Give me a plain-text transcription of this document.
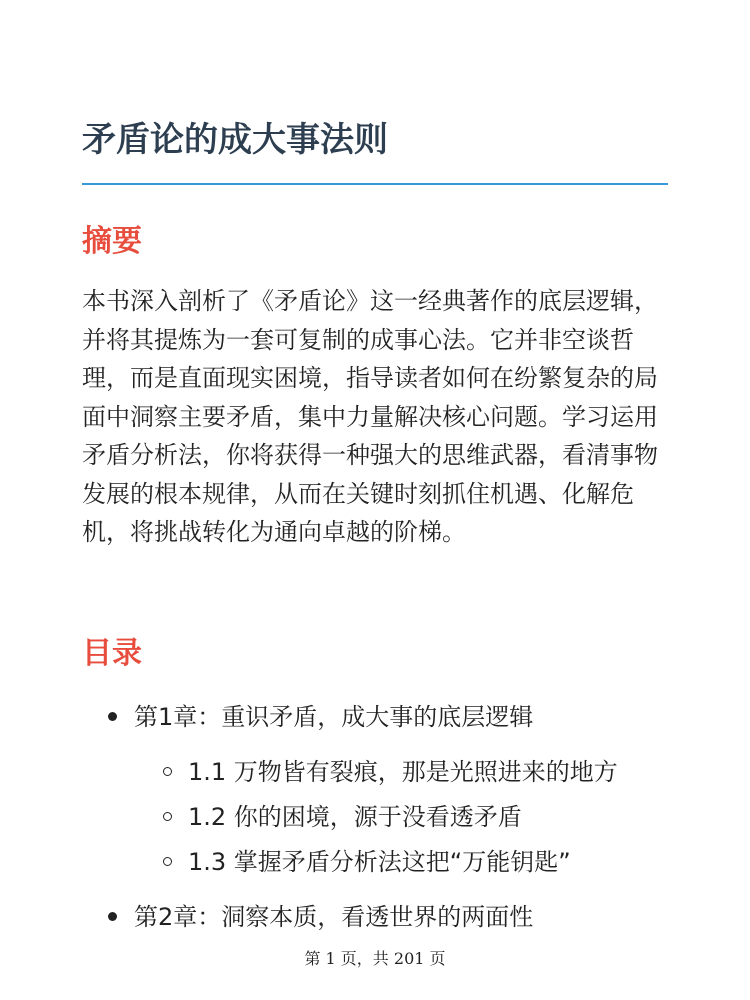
矛盾论的成大事法则
摘要

本书深入剖析了《矛盾论》这一经典著作的底层逻辑，并将其提炼为一套可复制的成事心法。它并非空谈哲理，而是直面现实困境，指导读者如何在纷繁复杂的局面中洞察主要矛盾，集中力量解决核心问题。学习运用矛盾分析法，你将获得一种强大的思维武器，看清事物发展的根本规律，从而在关键时刻抓住机遇、化解危机，将挑战转化为通向卓越的阶梯。

目录
第1章：重识矛盾，成大事的底层逻辑
1.1 万物皆有裂痕，那是光照进来的地方
1.2 你的困境，源于没看透矛盾
1.3 掌握矛盾分析法这把“万能钥匙”
第2章：洞察本质，看透世界的两面性
第 1 页，共 201 页
